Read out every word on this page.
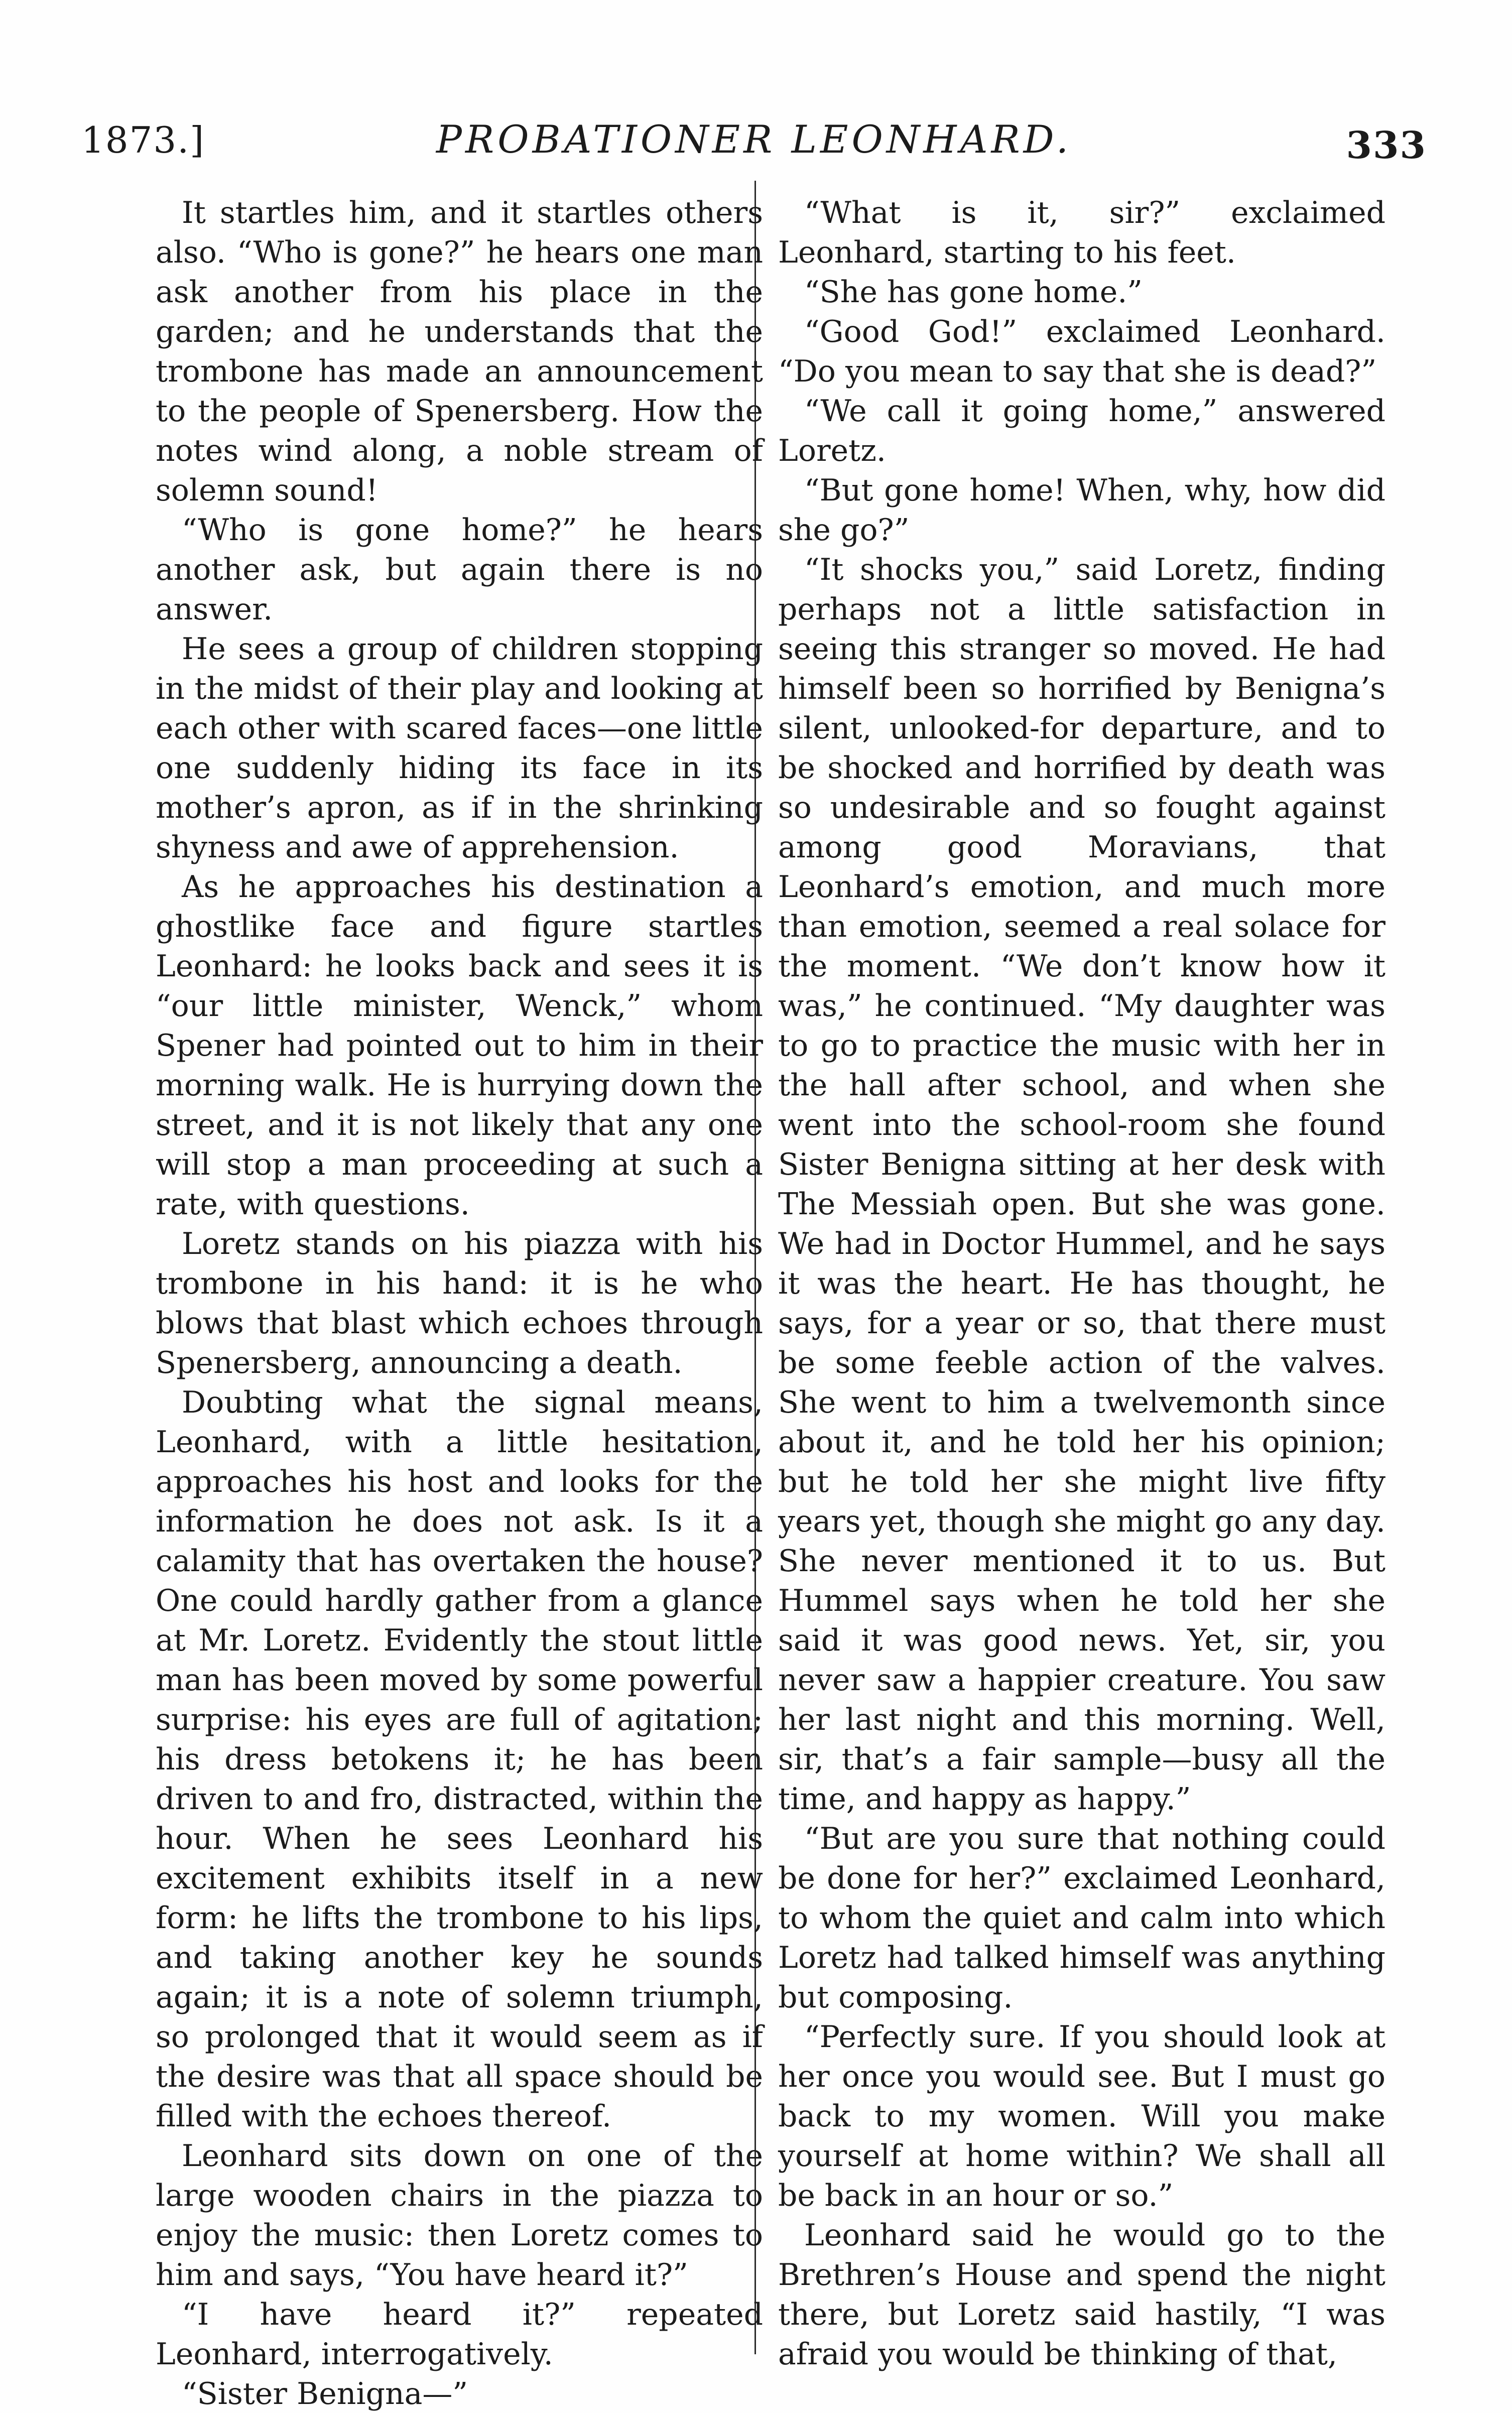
1873.]	PROBATIONER LEONHARD.	333

It startles him, and it startles others also. “Who is gone?” he hears one man ask another from his place in the garden; and he understands that the trombone has made an announcement to the people of Spenersberg. How the notes wind along, a noble stream of solemn sound!

“Who is gone home?” he hears another ask, but again there is no answer.

He sees a group of children stopping in the midst of their play and looking at each other with scared faces—one little one suddenly hiding its face in its mother’s apron, as if in the shrinking shyness and awe of apprehension.

As he approaches his destination a ghostlike face and figure startles Leonhard: he looks back and sees it is “our little minister, Wenck,” whom Spener had pointed out to him in their morning walk. He is hurrying down the street, and it is not likely that any one will stop a man proceeding at such a rate, with questions.

Loretz stands on his piazza with his trombone in his hand: it is he who blows that blast which echoes through Spenersberg, announcing a death.

Doubting what the signal means, Leonhard, with a little hesitation, approaches his host and looks for the information he does not ask. Is it a calamity that has overtaken the house? One could hardly gather from a glance at Mr. Loretz. Evidently the stout little man has been moved by some powerful surprise: his eyes are full of agitation; his dress betokens it; he has been driven to and fro, distracted, within the hour. When he sees Leonhard his excitement exhibits itself in a new form: he lifts the trombone to his lips, and taking another key he sounds again; it is a note of solemn triumph, so prolonged that it would seem as if the desire was that all space should be filled with the echoes thereof.

Leonhard sits down on one of the large wooden chairs in the piazza to enjoy the music: then Loretz comes to him and says, “You have heard it?”

“I have heard it?” repeated Leonhard, interrogatively.

“Sister Benigna—”

“What is it, sir?” exclaimed Leonhard, starting to his feet.

“She has gone home.”

“Good God!” exclaimed Leonhard. “Do you mean to say that she is dead?”

“We call it going home,” answered Loretz.

“But gone home! When, why, how did she go?”

“It shocks you,” said Loretz, finding perhaps not a little satisfaction in seeing this stranger so moved. He had himself been so horrified by Benigna’s silent, unlooked-for departure, and to be shocked and horrified by death was so undesirable and so fought against among good Moravians, that Leonhard’s emotion, and much more than emotion, seemed a real solace for the moment. “We don’t know how it was,” he continued. “My daughter was to go to practice the music with her in the hall after school, and when she went into the school-room she found Sister Benigna sitting at her desk with The Messiah open. But she was gone. We had in Doctor Hummel, and he says it was the heart. He has thought, he says, for a year or so, that there must be some feeble action of the valves. She went to him a twelvemonth since about it, and he told her his opinion; but he told her she might live fifty years yet, though she might go any day. She never mentioned it to us. But Hummel says when he told her she said it was good news. Yet, sir, you never saw a happier creature. You saw her last night and this morning. Well, sir, that’s a fair sample—busy all the time, and happy as happy.”

“But are you sure that nothing could be done for her?” exclaimed Leonhard, to whom the quiet and calm into which Loretz had talked himself was anything but composing.

“Perfectly sure. If you should look at her once you would see. But I must go back to my women. Will you make yourself at home within? We shall all be back in an hour or so.”

Leonhard said he would go to the Brethren’s House and spend the night there, but Loretz said hastily, “I was afraid you would be thinking of that,
